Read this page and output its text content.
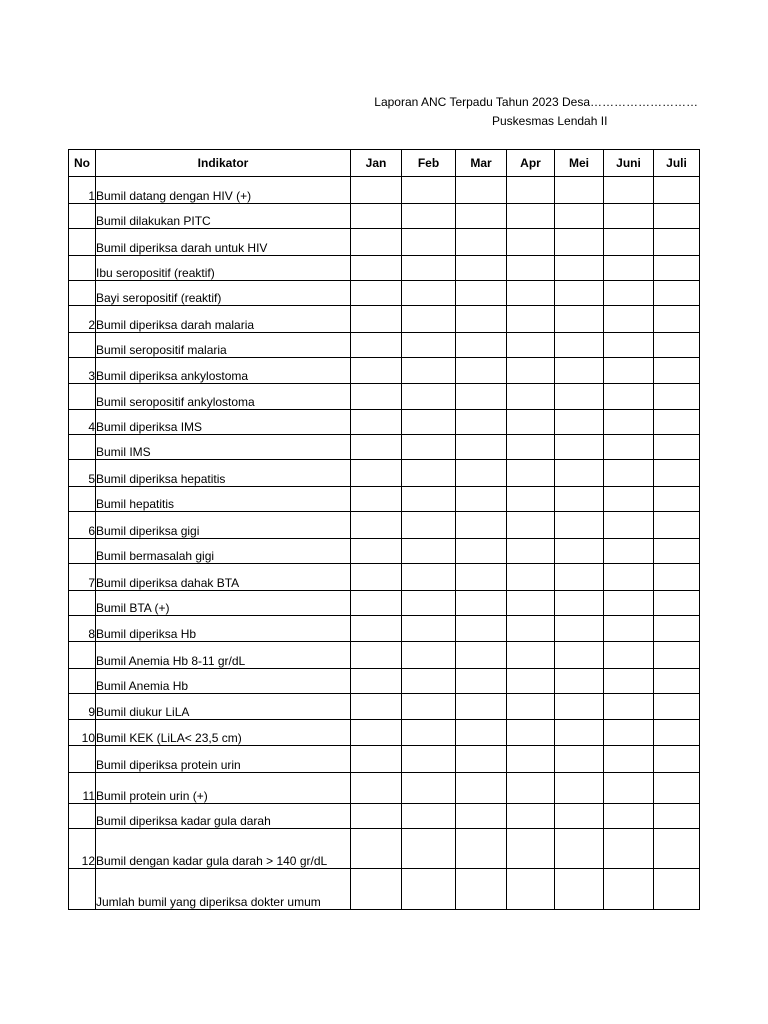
Laporan ANC Terpadu Tahun 2023 Desa………………………
Puskesmas Lendah II
No	Indikator	Jan	Feb	Mar	Apr	Mei	Juni	Juli
1	Bumil datang dengan HIV (+)							
	Bumil dilakukan PITC							
	Bumil diperiksa darah untuk HIV							
	Ibu seropositif (reaktif)							
	Bayi seropositif (reaktif)							
2	Bumil diperiksa darah malaria							
	Bumil seropositif malaria							
3	Bumil diperiksa ankylostoma							
	Bumil seropositif ankylostoma							
4	Bumil diperiksa IMS							
	Bumil IMS							
5	Bumil diperiksa hepatitis							
	Bumil hepatitis							
6	Bumil diperiksa gigi							
	Bumil bermasalah gigi							
7	Bumil diperiksa dahak BTA							
	Bumil BTA (+)							
8	Bumil diperiksa Hb							
	Bumil Anemia Hb 8-11 gr/dL							
	Bumil Anemia Hb							
9	Bumil diukur LiLA							
10	Bumil KEK (LiLA< 23,5 cm)							
	Bumil diperiksa protein urin							
11	Bumil protein urin (+)							
	Bumil diperiksa kadar gula darah							
12	Bumil dengan kadar gula darah > 140 gr/dL							
	Jumlah bumil yang diperiksa dokter umum							
